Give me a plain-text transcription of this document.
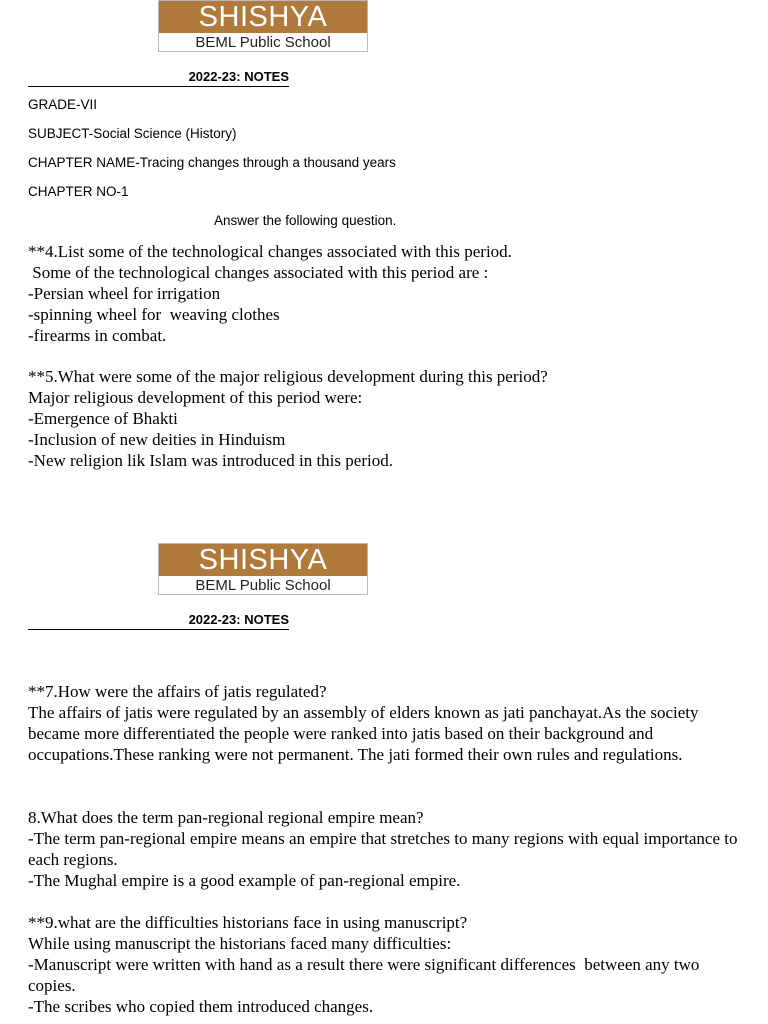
SHISHYA
BEML Public School
2022-23: NOTES
GRADE-VII
SUBJECT-Social Science (History)
CHAPTER NAME-Tracing changes through a thousand years
CHAPTER NO-1
Answer the following question.
**4.List some of the technological changes associated with this period.
Some of the technological changes associated with this period are :
-Persian wheel for irrigation
-spinning wheel for  weaving clothes
-firearms in combat.
**5.What were some of the major religious development during this period?
Major religious development of this period were:
-Emergence of Bhakti
-Inclusion of new deities in Hinduism
-New religion lik Islam was introduced in this period.
SHISHYA
BEML Public School
2022-23: NOTES
**7.How were the affairs of jatis regulated?
The affairs of jatis were regulated by an assembly of elders known as jati panchayat.As the society became more differentiated the people were ranked into jatis based on their background and occupations.These ranking were not permanent. The jati formed their own rules and regulations.
8.What does the term pan-regional regional empire mean?
-The term pan-regional empire means an empire that stretches to many regions with equal importance to each regions.
-The Mughal empire is a good example of pan-regional empire.
**9.what are the difficulties historians face in using manuscript?
While using manuscript the historians faced many difficulties:
-Manuscript were written with hand as a result there were significant differences  between any two copies.
-The scribes who copied them introduced changes.
